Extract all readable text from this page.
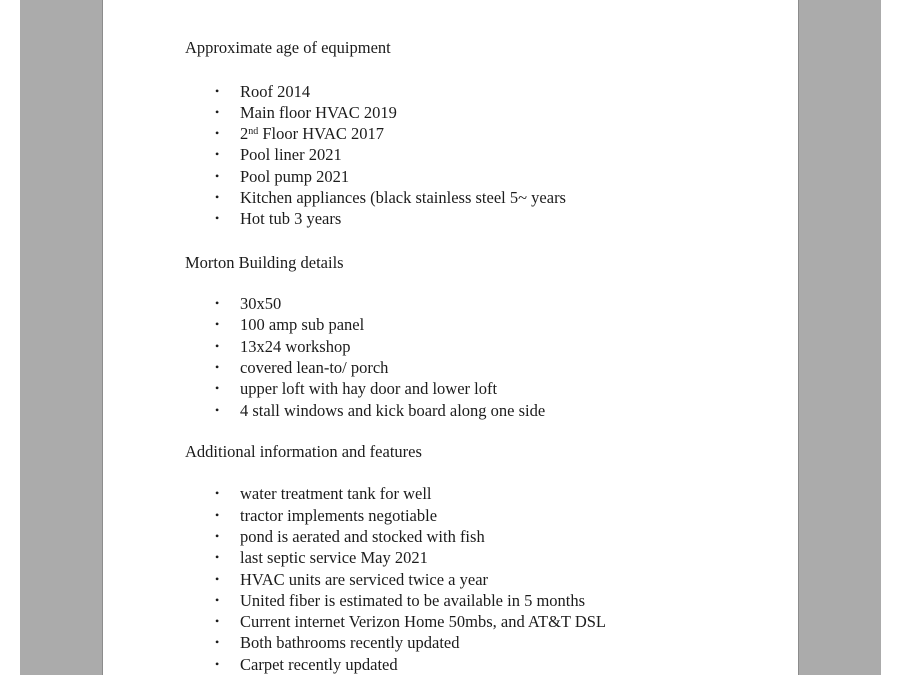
Approximate age of equipment

• Roof 2014
• Main floor HVAC 2019
• 2nd Floor HVAC 2017
• Pool liner 2021
• Pool pump 2021
• Kitchen appliances (black stainless steel 5~ years
• Hot tub 3 years

Morton Building details

• 30x50
• 100 amp sub panel
• 13x24 workshop
• covered lean-to/ porch
• upper loft with hay door and lower loft
• 4 stall windows and kick board along one side

Additional information and features

• water treatment tank for well
• tractor implements negotiable
• pond is aerated and stocked with fish
• last septic service May 2021
• HVAC units are serviced twice a year
• United fiber is estimated to be available in 5 months
• Current internet Verizon Home 50mbs, and AT&T DSL
• Both bathrooms recently updated
• Carpet recently updated
